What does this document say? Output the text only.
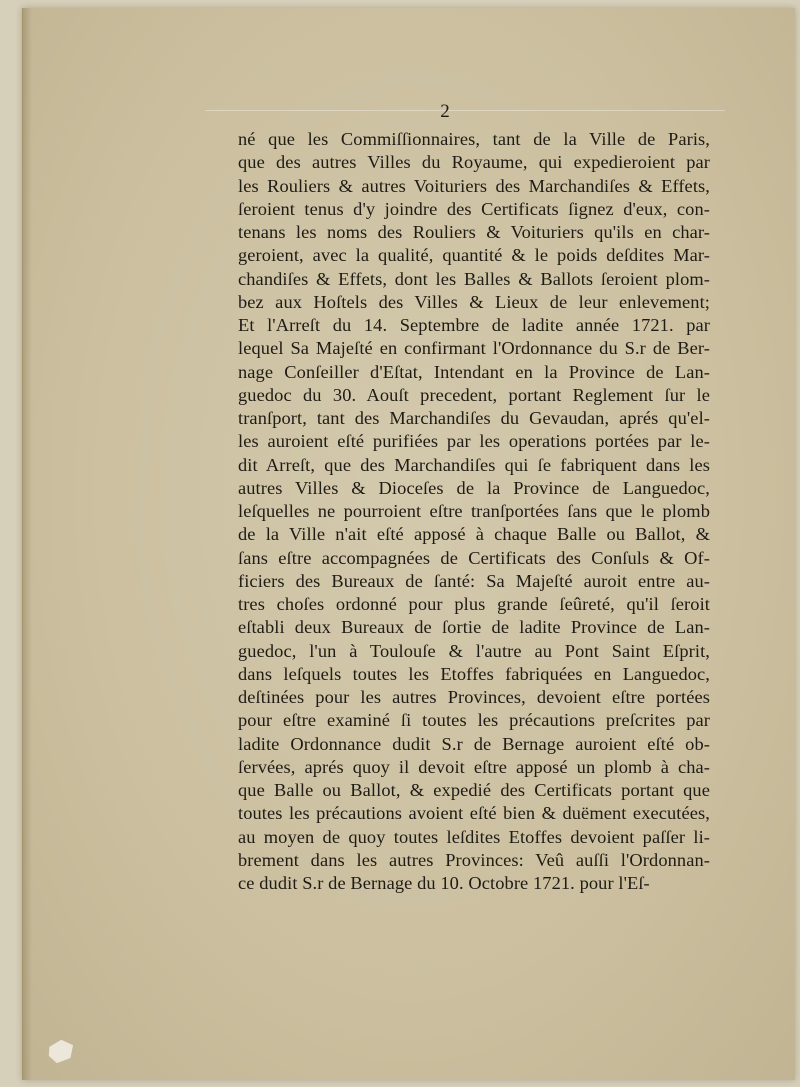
2
né que les Commiſſionnaires, tant de la Ville de Paris,
que des autres Villes du Royaume, qui expedieroient par
les Rouliers & autres Voituriers des Marchandiſes & Effets,
ſeroient tenus d'y joindre des Certificats ſignez d'eux, con-
tenans les noms des Rouliers & Voituriers qu'ils en char-
geroient, avec la qualité, quantité & le poids deſdites Mar-
chandiſes & Effets, dont les Balles & Ballots ſeroient plom-
bez aux Hoſtels des Villes & Lieux de leur enlevement;
Et l'Arreſt du 14. Septembre de ladite année 1721. par
lequel Sa Majeſté en confirmant l'Ordonnance du S.r de Ber-
nage Conſeiller d'Eſtat, Intendant en la Province de Lan-
guedoc du 30. Aouſt precedent, portant Reglement ſur le
tranſport, tant des Marchandiſes du Gevaudan, aprés qu'el-
les auroient eſté purifiées par les operations portées par le-
dit Arreſt, que des Marchandiſes qui ſe fabriquent dans les
autres Villes & Dioceſes de la Province de Languedoc,
leſquelles ne pourroient eſtre tranſportées ſans que le plomb
de la Ville n'ait eſté apposé à chaque Balle ou Ballot, &
ſans eſtre accompagnées de Certificats des Conſuls & Of-
ficiers des Bureaux de ſanté: Sa Majeſté auroit entre au-
tres choſes ordonné pour plus grande ſeûreté, qu'il ſeroit
eſtabli deux Bureaux de ſortie de ladite Province de Lan-
guedoc, l'un à Toulouſe & l'autre au Pont Saint Eſprit,
dans leſquels toutes les Etoffes fabriquées en Languedoc,
deſtinées pour les autres Provinces, devoient eſtre portées
pour eſtre examiné ſi toutes les précautions preſcrites par
ladite Ordonnance dudit S.r de Bernage auroient eſté ob-
ſervées, aprés quoy il devoit eſtre apposé un plomb à cha-
que Balle ou Ballot, & expedié des Certificats portant que
toutes les précautions avoient eſté bien & duëment executées,
au moyen de quoy toutes leſdites Etoffes devoient paſſer li-
brement dans les autres Provinces: Veû auſſi l'Ordonnan-
ce dudit S.r de Bernage du 10. Octobre 1721. pour l'Eſ-
